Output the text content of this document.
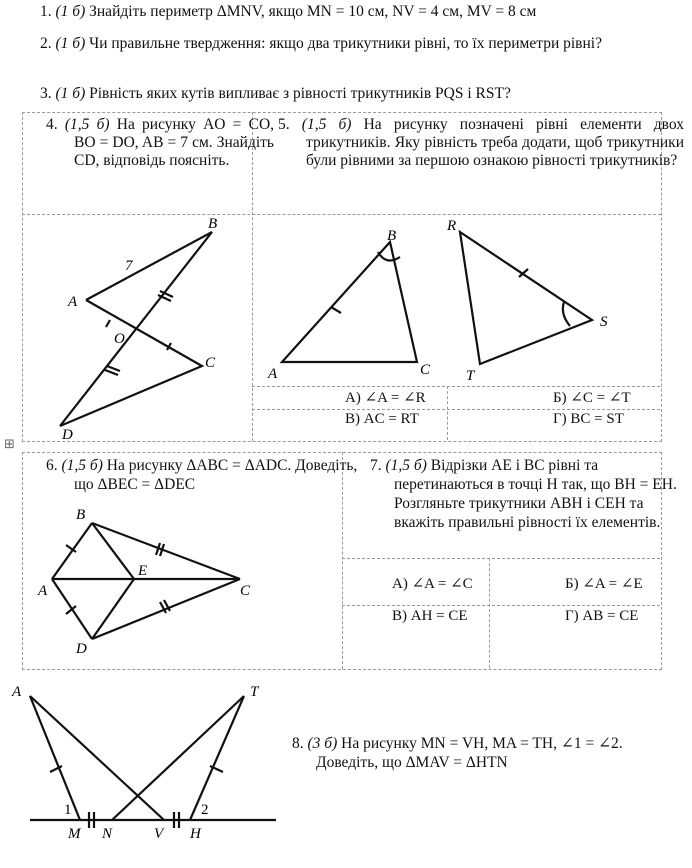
1. (1 б) Знайдіть периметр ΔMNV, якщо MN = 10 см, NV = 4 см, MV = 8 см
2. (1 б) Чи правильне твердження: якщо два трикутники рівні, то їх периметри рівні?
3. (1 б) Рівність яких кутів випливає з рівності трикутників PQS і RST?
4. (1,5 б) На рисунку AO = CO, BO = DO, AB = 7 см. Знайдіть CD, відповідь поясніть.
5. (1,5 б) На рисунку позначені рівні елементи двох трикутників. Яку рівність треба додати, щоб трикутники були рівними за першою ознакою рівності трикутників?
B
7
A
O
C
D
B
A	C
R
S
T
А) ∠A = ∠R	Б) ∠C = ∠T
В) AC = RT	Г) BC = ST
⊞
6. (1,5 б) На рисунку ΔABC = ΔADC. Доведіть, що ΔBEC = ΔDEC
7. (1,5 б) Відрізки AE і BC рівні та перетинаються в точці H так, що BH = EH. Розгляньте трикутники ABH і CEH та вкажіть правильні рівності їх елементів.
B
E
A	C
D
А) ∠A = ∠C	Б) ∠A = ∠E
В) AH = CE	Г) AB = CE
A	T
1	2
M N	V H
8. (3 б) На рисунку MN = VH, MA = TH, ∠1 = ∠2. Доведіть, що ΔMAV = ΔHTN
